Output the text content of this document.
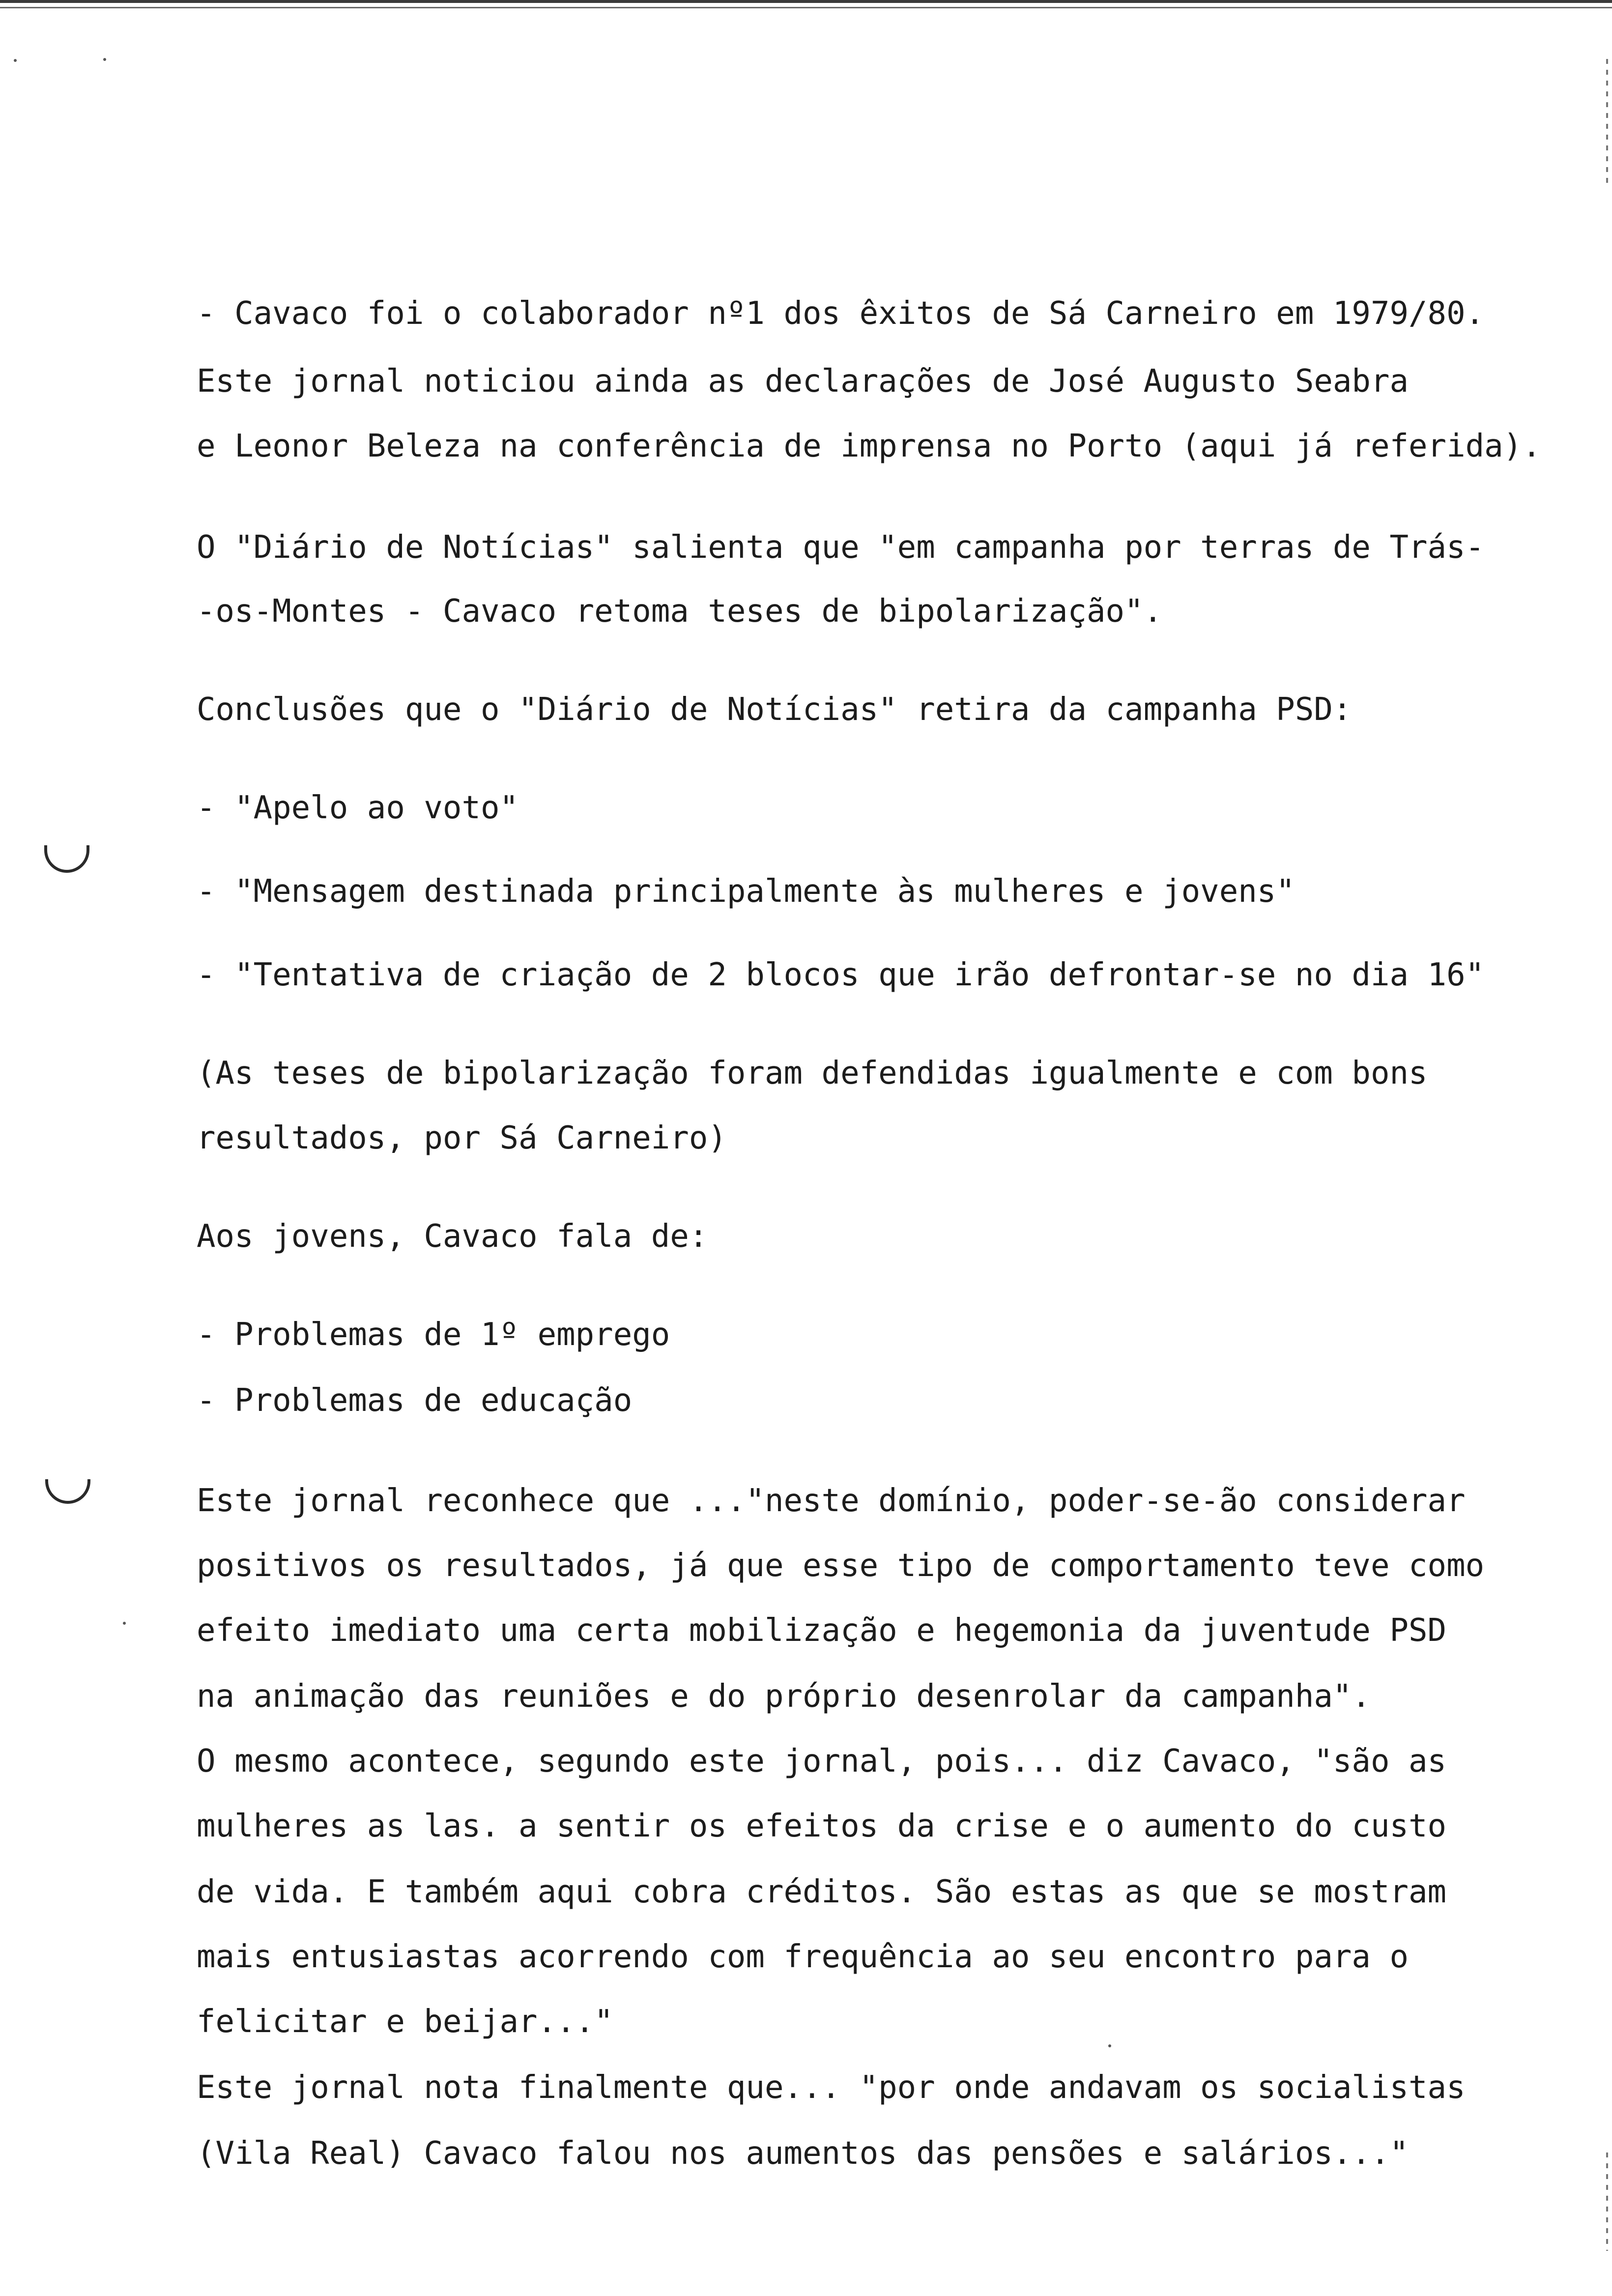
- Cavaco foi o colaborador nº1 dos êxitos de Sá Carneiro em 1979/80.
Este jornal noticiou ainda as declarações de José Augusto Seabra
e Leonor Beleza na conferência de imprensa no Porto (aqui já referida).
O "Diário de Notícias" salienta que "em campanha por terras de Trás-
-os-Montes - Cavaco retoma teses de bipolarização".
Conclusões que o "Diário de Notícias" retira da campanha PSD:
- "Apelo ao voto"
- "Mensagem destinada principalmente às mulheres e jovens"
- "Tentativa de criação de 2 blocos que irão defrontar-se no dia 16"
(As teses de bipolarização foram defendidas igualmente e com bons
resultados, por Sá Carneiro)
Aos jovens, Cavaco fala de:
- Problemas de 1º emprego
- Problemas de educação
Este jornal reconhece que ..."neste domínio, poder-se-ão considerar
positivos os resultados, já que esse tipo de comportamento teve como
efeito imediato uma certa mobilização e hegemonia da juventude PSD
na animação das reuniões e do próprio desenrolar da campanha".
O mesmo acontece, segundo este jornal, pois... diz Cavaco, "são as
mulheres as las. a sentir os efeitos da crise e o aumento do custo
de vida. E também aqui cobra créditos. São estas as que se mostram
mais entusiastas acorrendo com frequência ao seu encontro para o
felicitar e beijar..."
Este jornal nota finalmente que... "por onde andavam os socialistas
(Vila Real) Cavaco falou nos aumentos das pensões e salários..."
